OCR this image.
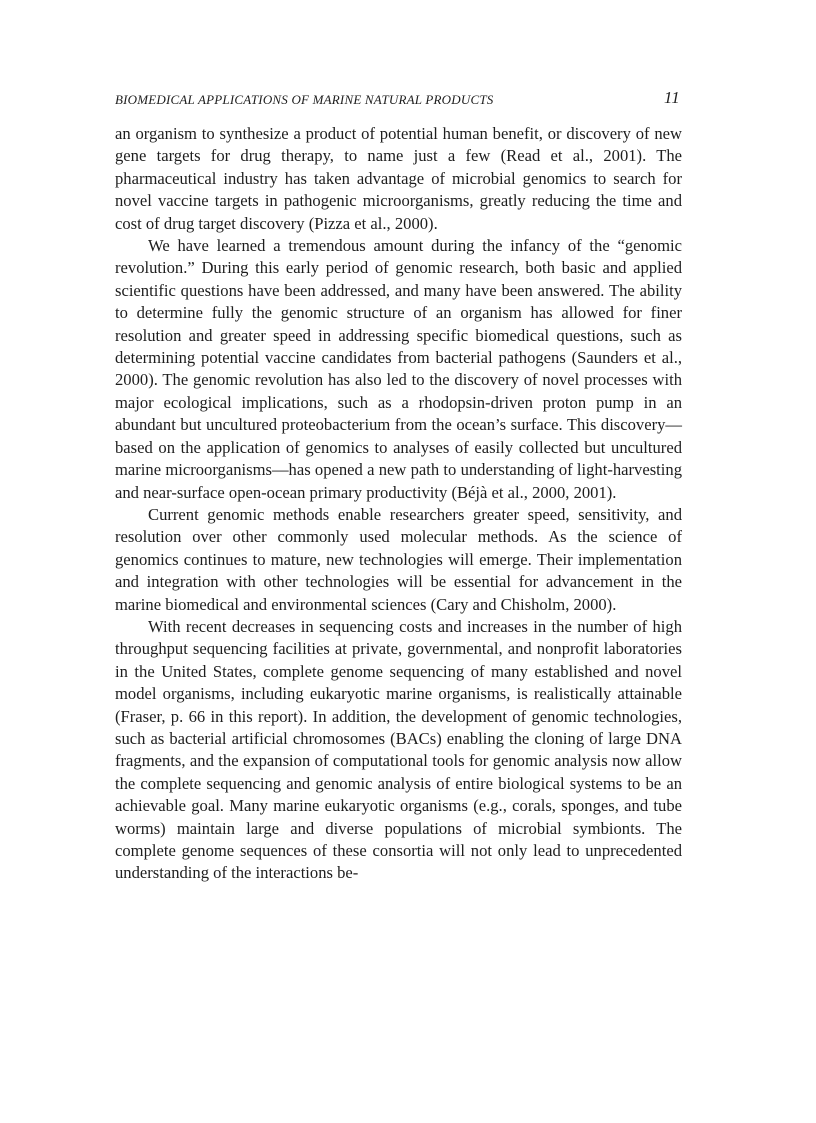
BIOMEDICAL APPLICATIONS OF MARINE NATURAL PRODUCTS	11

an organism to synthesize a product of potential human benefit, or discovery of new gene targets for drug therapy, to name just a few (Read et al., 2001). The pharmaceutical industry has taken advantage of microbial genomics to search for novel vaccine targets in pathogenic microorganisms, greatly reducing the time and cost of drug target discovery (Pizza et al., 2000).

We have learned a tremendous amount during the infancy of the “genomic revolution.” During this early period of genomic research, both basic and applied scientific questions have been addressed, and many have been answered. The ability to determine fully the genomic structure of an organism has allowed for finer resolution and greater speed in addressing specific biomedical questions, such as determining potential vaccine candidates from bacterial pathogens (Saunders et al., 2000). The genomic revolution has also led to the discovery of novel processes with major ecological implications, such as a rhodopsin-driven proton pump in an abundant but uncultured proteobacterium from the ocean’s surface. This discovery—based on the application of genomics to analyses of easily collected but uncultured marine microorganisms—has opened a new path to understanding of light-harvesting and near-surface open-ocean primary productivity (Béjà et al., 2000, 2001).

Current genomic methods enable researchers greater speed, sensitivity, and resolution over other commonly used molecular methods. As the science of genomics continues to mature, new technologies will emerge. Their implementation and integration with other technologies will be essential for advancement in the marine biomedical and environmental sciences (Cary and Chisholm, 2000).

With recent decreases in sequencing costs and increases in the number of high throughput sequencing facilities at private, governmental, and nonprofit laboratories in the United States, complete genome sequencing of many established and novel model organisms, including eukaryotic marine organisms, is realistically attainable (Fraser, p. 66 in this report). In addition, the development of genomic technologies, such as bacterial artificial chromosomes (BACs) enabling the cloning of large DNA fragments, and the expansion of computational tools for genomic analysis now allow the complete sequencing and genomic analysis of entire biological systems to be an achievable goal. Many marine eukaryotic organisms (e.g., corals, sponges, and tube worms) maintain large and diverse populations of microbial symbionts. The complete genome sequences of these consortia will not only lead to unprecedented understanding of the interactions be-
